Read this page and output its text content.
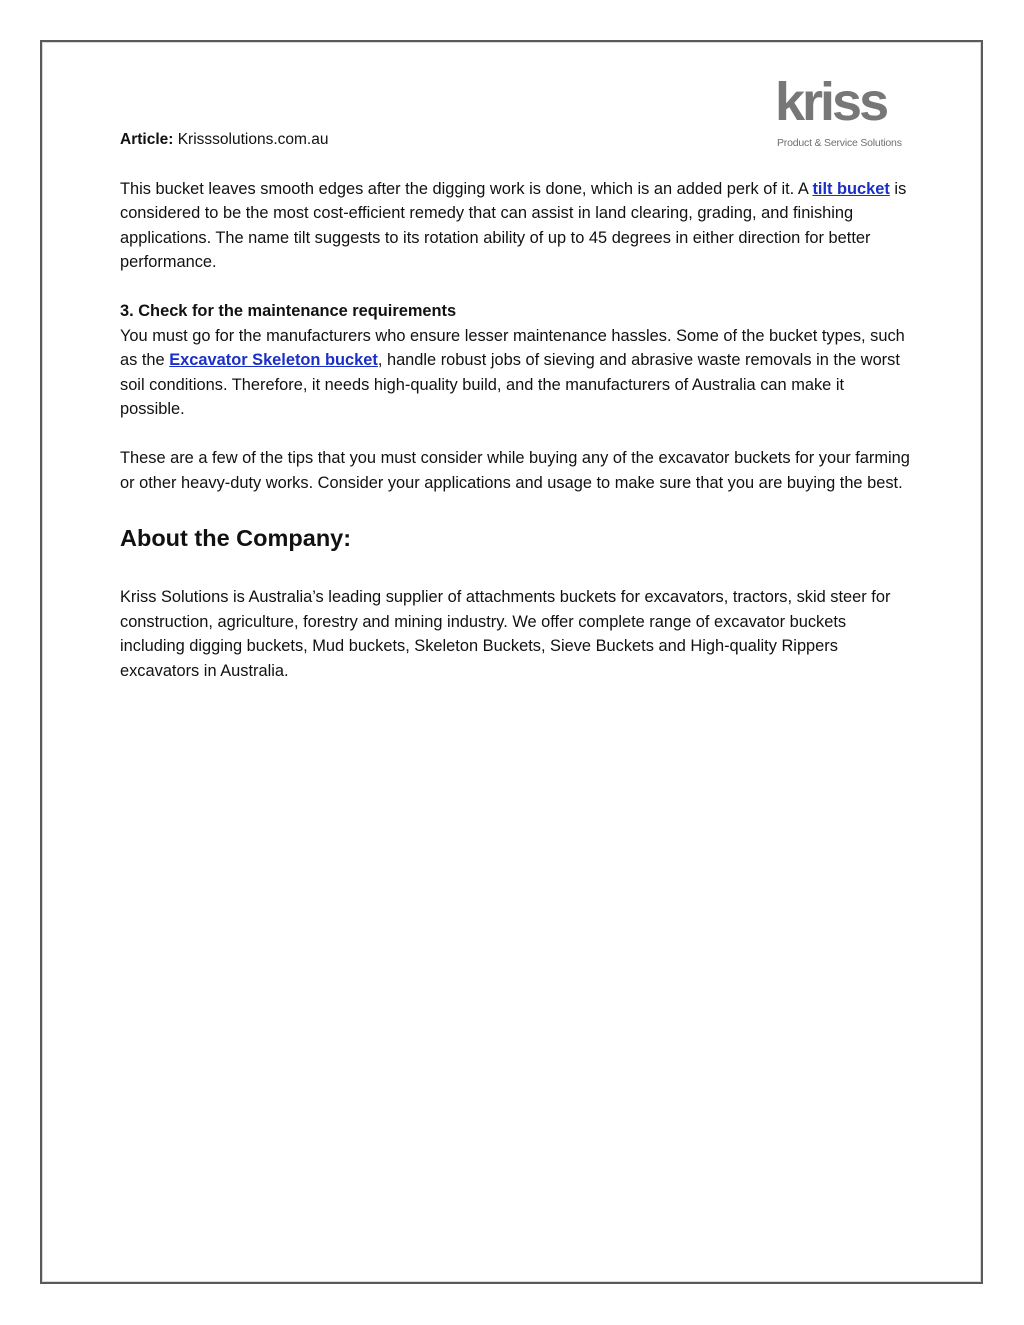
kriss
Product & Service Solutions

Article: Krisssolutions.com.au

This bucket leaves smooth edges after the digging work is done, which is an added perk of it. A tilt bucket is considered to be the most cost-efficient remedy that can assist in land clearing, grading, and finishing applications. The name tilt suggests to its rotation ability of up to 45 degrees in either direction for better performance.

3. Check for the maintenance requirements

You must go for the manufacturers who ensure lesser maintenance hassles. Some of the bucket types, such as the Excavator Skeleton bucket, handle robust jobs of sieving and abrasive waste removals in the worst soil conditions. Therefore, it needs high-quality build, and the manufacturers of Australia can make it possible.

These are a few of the tips that you must consider while buying any of the excavator buckets for your farming or other heavy-duty works. Consider your applications and usage to make sure that you are buying the best.

About the Company:

Kriss Solutions is Australia’s leading supplier of attachments buckets for excavators, tractors, skid steer for construction, agriculture, forestry and mining industry. We offer complete range of excavator buckets including digging buckets, Mud buckets, Skeleton Buckets, Sieve Buckets and High-quality Rippers excavators in Australia.
